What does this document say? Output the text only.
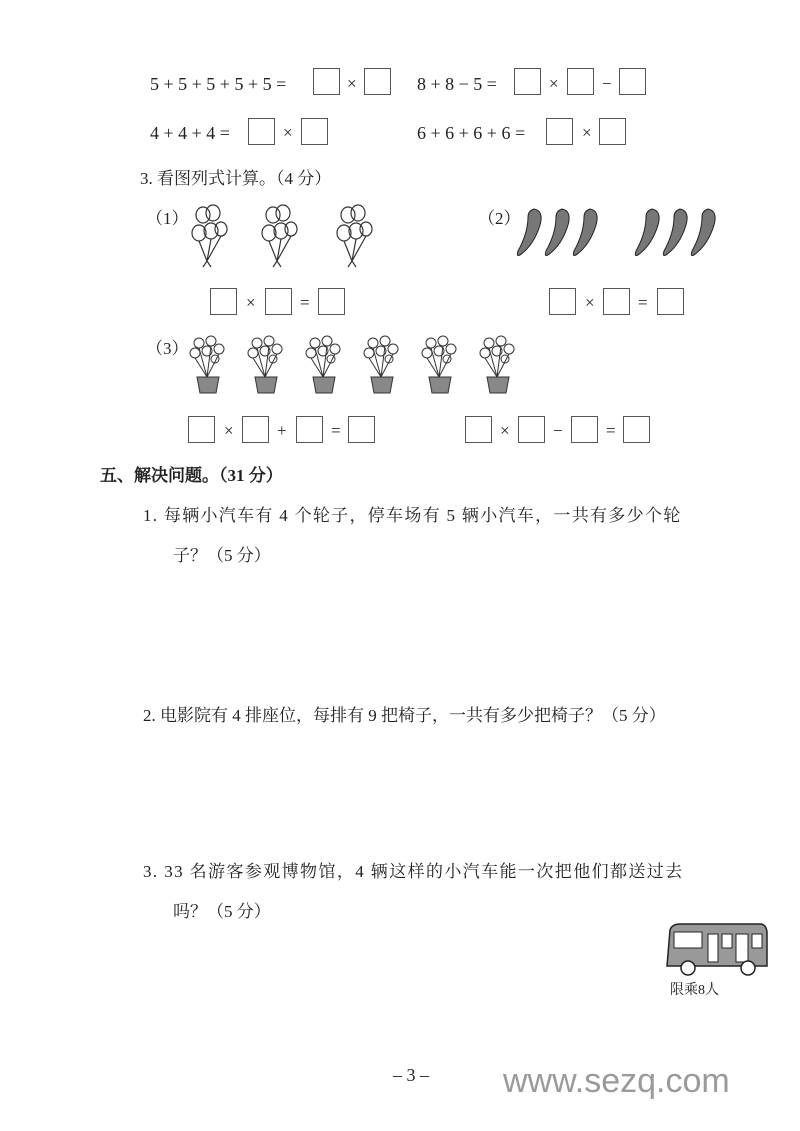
5 + 5 + 5 + 5 + 5 =	×	8 + 8 − 5 =	×	−
4 + 4 + 4 =	×	6 + 6 + 6 + 6 =	×
3. 看图列式计算。（4 分）
（1）	（2）
×	=	×	=
（3）
×	+	=	×	−	=
五、解决问题。（31 分）
1. 每辆小汽车有 4 个轮子，停车场有 5 辆小汽车，一共有多少个轮
子？（5 分）
2. 电影院有 4 排座位，每排有 9 把椅子，一共有多少把椅子？（5 分）
3. 33 名游客参观博物馆，4 辆这样的小汽车能一次把他们都送过去
吗？（5 分）
限乘8人
– 3 – www.sezq.com
